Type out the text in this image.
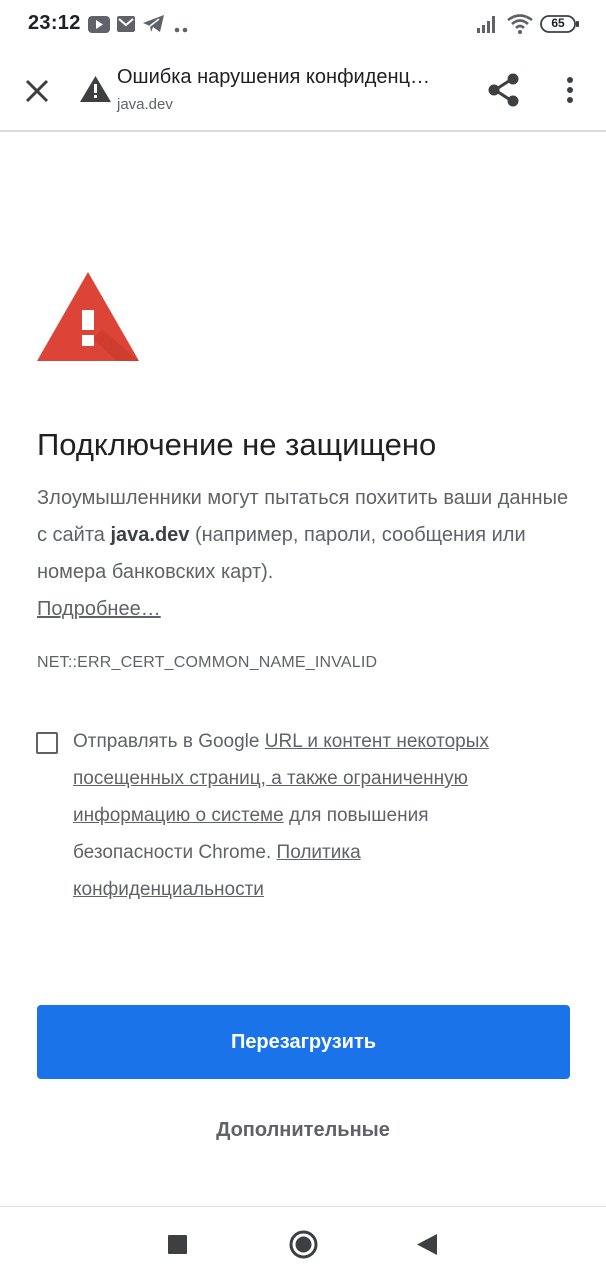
23:12	65
Ошибка нарушения конфиденц…
java.dev
Подключение не защищено
Злоумышленники могут пытаться похитить ваши данные с сайта java.dev (например, пароли, сообщения или номера банковских карт).
Подробнее…
NET::ERR_CERT_COMMON_NAME_INVALID
Отправлять в Google URL и контент некоторых посещенных страниц, а также ограниченную информацию о системе для повышения безопасности Chrome. Политика конфиденциальности
Перезагрузить
Дополнительные
